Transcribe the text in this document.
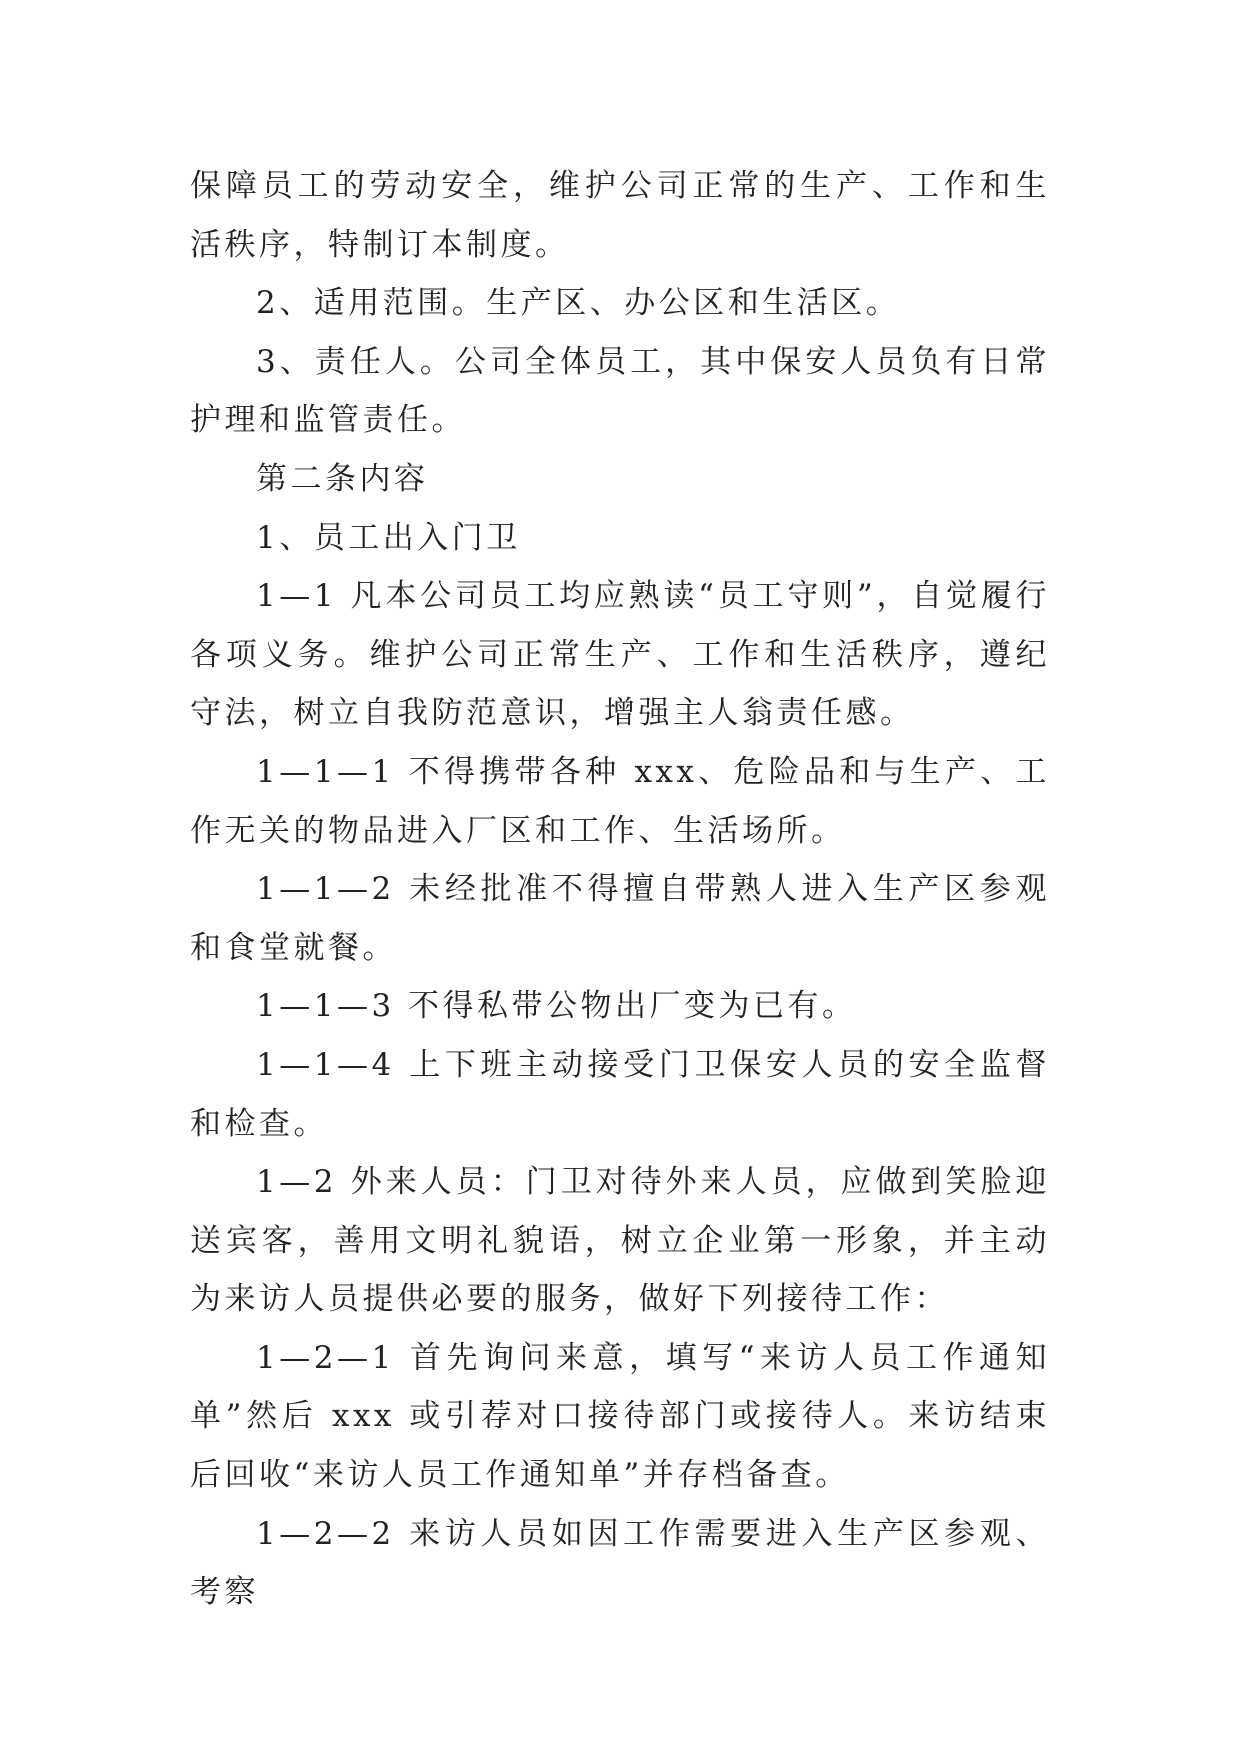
保障员工的劳动安全，维护公司正常的生产、工作和生活秩序，特制订本制度。

2、适用范围。生产区、办公区和生活区。

3、责任人。公司全体员工，其中保安人员负有日常护理和监管责任。

第二条内容

1、员工出入门卫

1—1 凡本公司员工均应熟读“员工守则”，自觉履行各项义务。维护公司正常生产、工作和生活秩序，遵纪守法，树立自我防范意识，增强主人翁责任感。

1—1—1 不得携带各种 xxx、危险品和与生产、工作无关的物品进入厂区和工作、生活场所。

1—1—2 未经批准不得擅自带熟人进入生产区参观和食堂就餐。

1—1—3 不得私带公物出厂变为已有。

1—1—4 上下班主动接受门卫保安人员的安全监督和检查。

1—2 外来人员：门卫对待外来人员，应做到笑脸迎送宾客，善用文明礼貌语，树立企业第一形象，并主动为来访人员提供必要的服务，做好下列接待工作：

1—2—1 首先询问来意，填写“来访人员工作通知单”然后 xxx 或引荐对口接待部门或接待人。来访结束后回收“来访人员工作通知单”并存档备查。

1—2—2 来访人员如因工作需要进入生产区参观、考察
